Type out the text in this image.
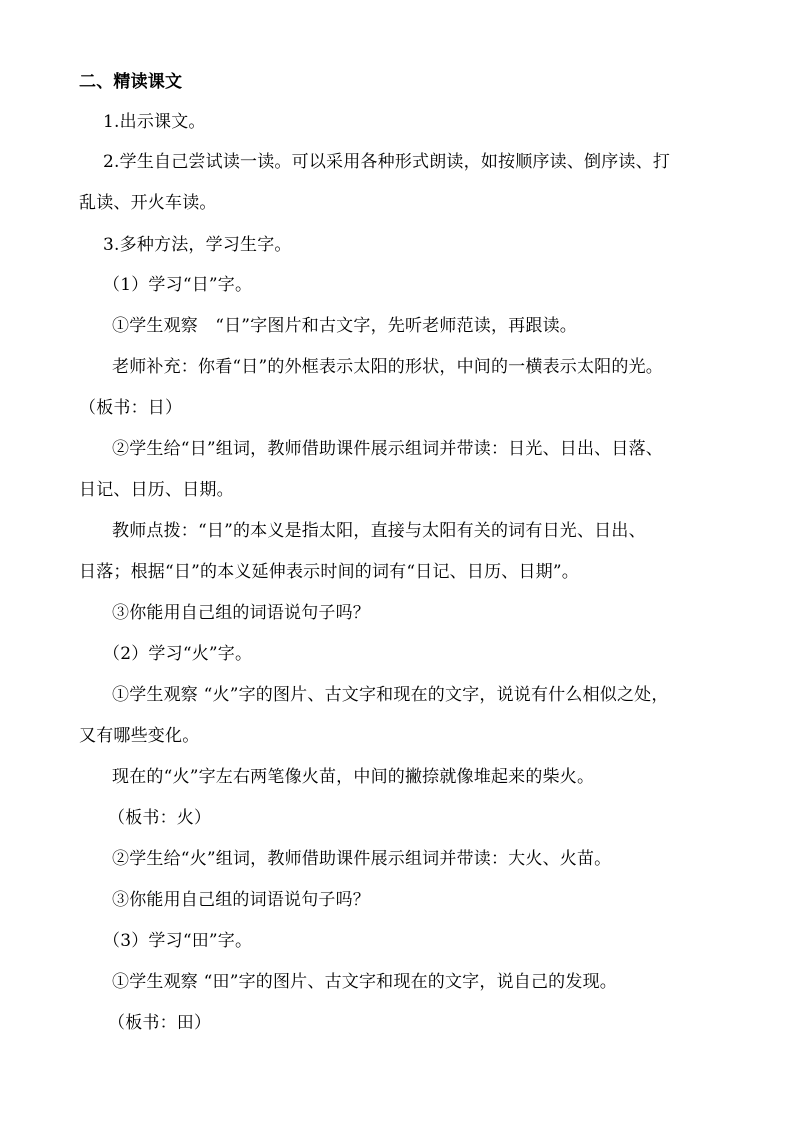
二、精读课文
1.出示课文。
2.学生自己尝试读一读。可以采用各种形式朗读，如按顺序读、倒序读、打
乱读、开火车读。
3.多种方法，学习生字。
（1）学习“日”字。
①学生观察　“日”字图片和古文字，先听老师范读，再跟读。
老师补充：你看“日”的外框表示太阳的形状，中间的一横表示太阳的光。
（板书：日）
②学生给“日”组词，教师借助课件展示组词并带读：日光、日出、日落、
日记、日历、日期。
教师点拨：“日”的本义是指太阳，直接与太阳有关的词有日光、日出、
日落；根据“日”的本义延伸表示时间的词有“日记、日历、日期”。
③你能用自己组的词语说句子吗？
（2）学习“火”字。
①学生观察 “火”字的图片、古文字和现在的文字，说说有什么相似之处，
又有哪些变化。
现在的“火”字左右两笔像火苗，中间的撇捺就像堆起来的柴火。
（板书：火）
②学生给“火”组词，教师借助课件展示组词并带读：大火、火苗。
③你能用自己组的词语说句子吗？
（3）学习“田”字。
①学生观察 “田”字的图片、古文字和现在的文字，说自己的发现。
（板书：田）
